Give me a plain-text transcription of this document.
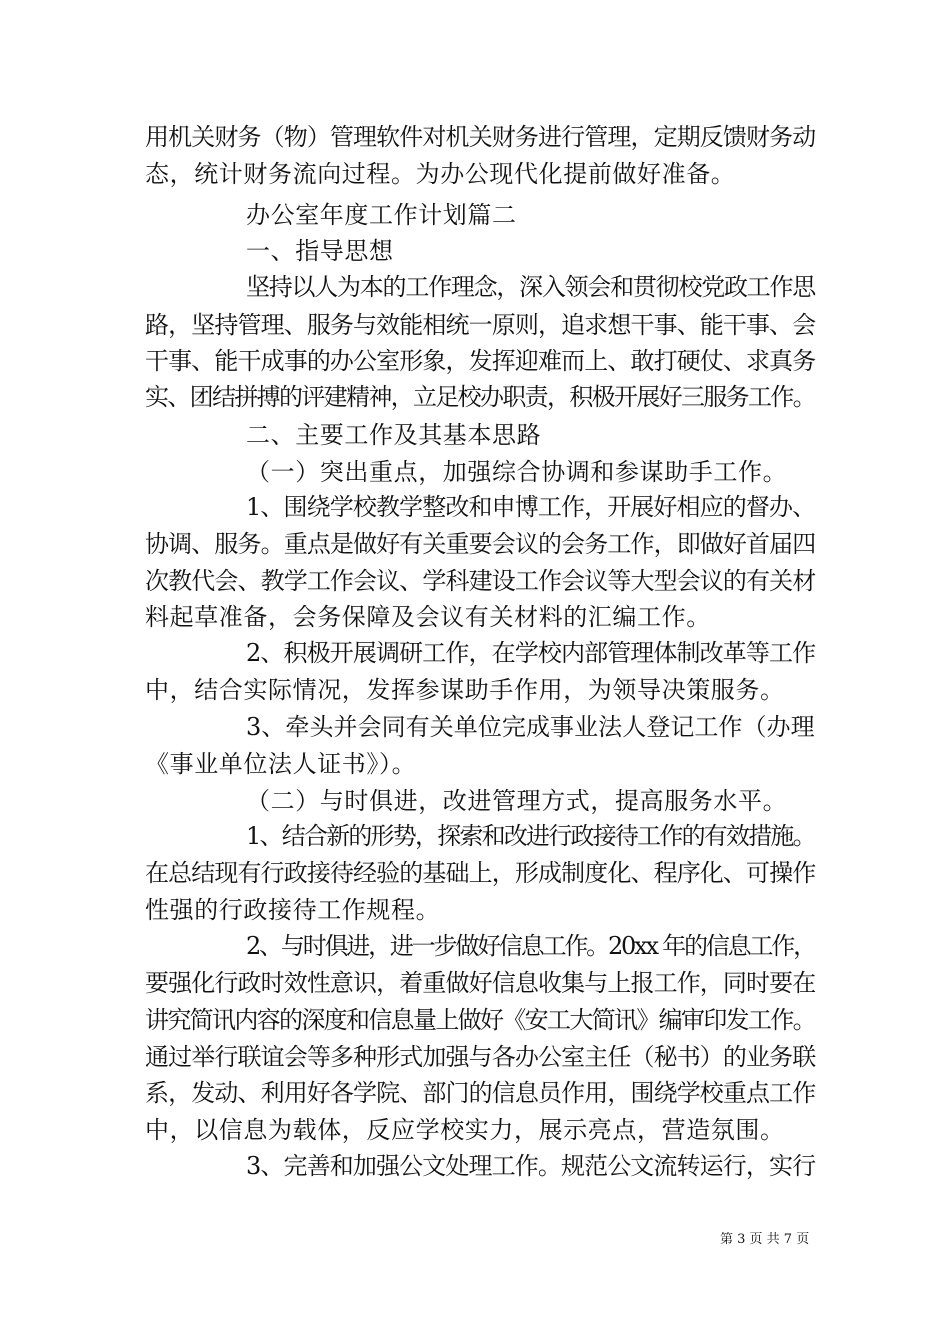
用机关财务（物）管理软件对机关财务进行管理，定期反馈财务动
态，统计财务流向过程。为办公现代化提前做好准备。
办公室年度工作计划篇二
一、指导思想
坚持以人为本的工作理念，深入领会和贯彻校党政工作思
路，坚持管理、服务与效能相统一原则，追求想干事、能干事、会
干事、能干成事的办公室形象，发挥迎难而上、敢打硬仗、求真务
实、团结拼搏的评建精神，立足校办职责，积极开展好三服务工作。
二、主要工作及其基本思路
（一）突出重点，加强综合协调和参谋助手工作。
1、围绕学校教学整改和申博工作，开展好相应的督办、
协调、服务。重点是做好有关重要会议的会务工作，即做好首届四
次教代会、教学工作会议、学科建设工作会议等大型会议的有关材
料起草准备，会务保障及会议有关材料的汇编工作。
2、积极开展调研工作，在学校内部管理体制改革等工作
中，结合实际情况，发挥参谋助手作用，为领导决策服务。
3、牵头并会同有关单位完成事业法人登记工作（办理
《事业单位法人证书》）。
（二）与时俱进，改进管理方式，提高服务水平。
1、结合新的形势，探索和改进行政接待工作的有效措施。
在总结现有行政接待经验的基础上，形成制度化、程序化、可操作
性强的行政接待工作规程。
2、与时俱进，进一步做好信息工作。20xx 年的信息工作，
要强化行政时效性意识，着重做好信息收集与上报工作，同时要在
讲究简讯内容的深度和信息量上做好《安工大简讯》编审印发工作。
通过举行联谊会等多种形式加强与各办公室主任（秘书）的业务联
系，发动、利用好各学院、部门的信息员作用，围绕学校重点工作
中，以信息为载体，反应学校实力，展示亮点，营造氛围。
3、完善和加强公文处理工作。规范公文流转运行，实行
第 3 页 共 7 页
